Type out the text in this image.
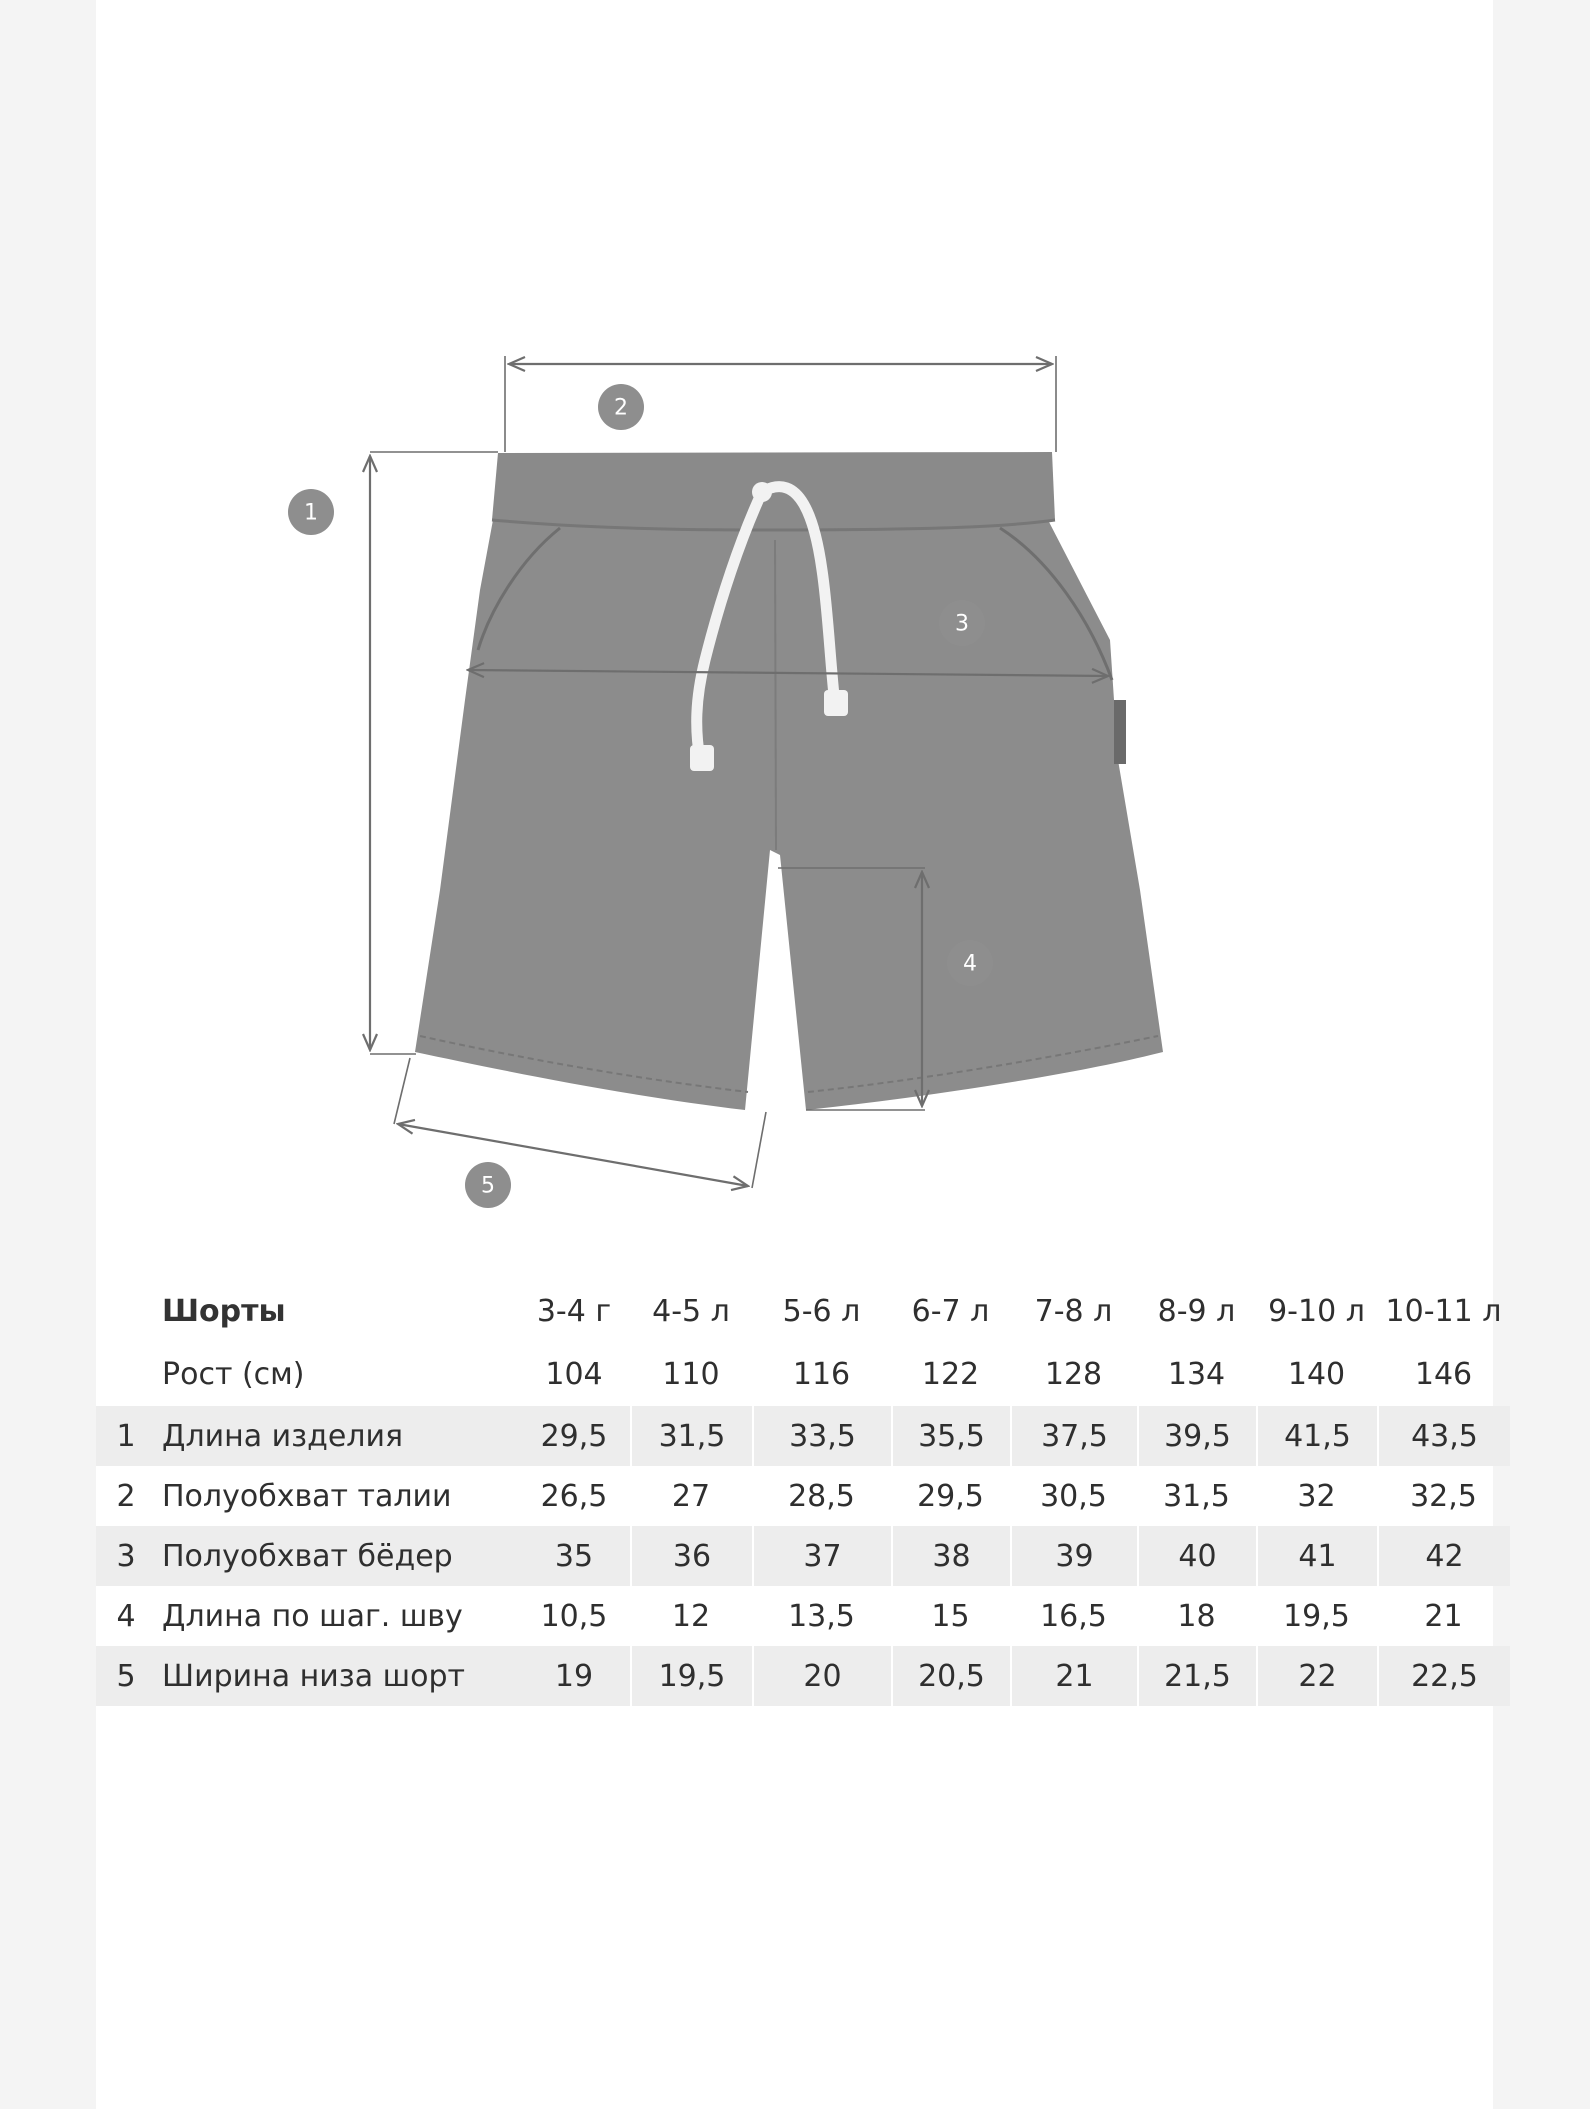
1
2
3
4
5
	Шорты	3-4 г	4-5 л	5-6 л	6-7 л	7-8 л	8-9 л	9-10 л	10-11 л
	Рост (см)	104	110	116	122	128	134	140	146
1	Длина изделия	29,5	31,5	33,5	35,5	37,5	39,5	41,5	43,5
2	Полуобхват талии	26,5	27	28,5	29,5	30,5	31,5	32	32,5
3	Полуобхват бёдер	35	36	37	38	39	40	41	42
4	Длина по шаг. шву	10,5	12	13,5	15	16,5	18	19,5	21
5	Ширина низа шорт	19	19,5	20	20,5	21	21,5	22	22,5
